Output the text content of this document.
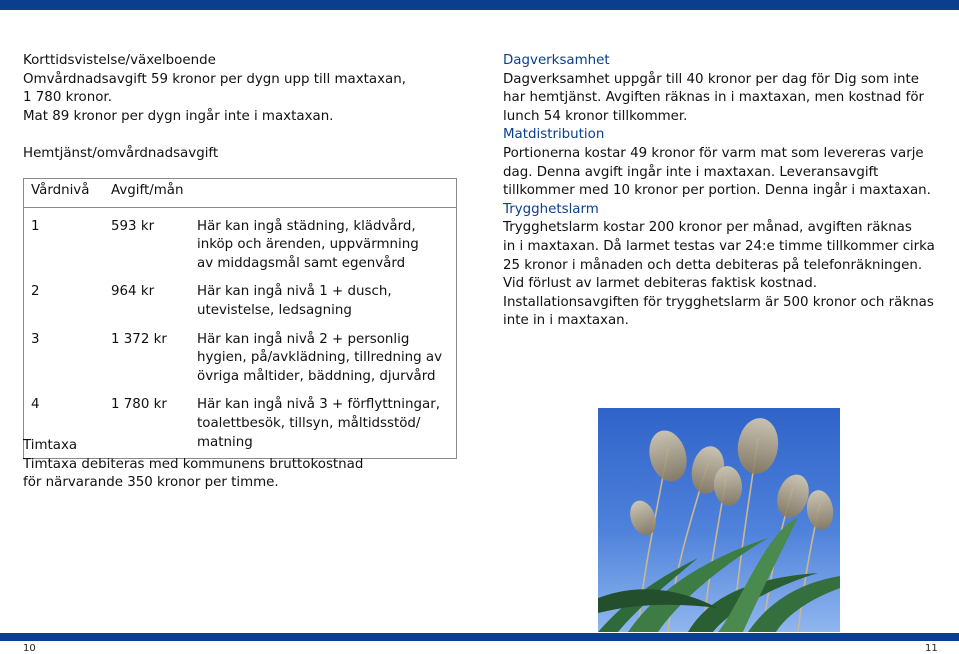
Korttidsvistelse/växelboende

Omvårdnadsavgift 59 kronor per dygn upp till maxtaxan,

1 780 kronor.

Mat 89 kronor per dygn ingår inte i maxtaxan.

Hemtjänst/omvårdnadsavgift

Vårdnivå	Avgift/mån	
1	593 kr	Här kan ingå städning, klädvård,
inköp och ärenden, uppvärmning
av middagsmål samt egenvård

2	964 kr	Här kan ingå nivå 1 + dusch,
utevistelse, ledsagning

3	1 372 kr	Här kan ingå nivå 2 + personlig
hygien, på/avklädning, tillredning av
övriga måltider, bäddning, djurvård

4	1 780 kr	Här kan ingå nivå 3 + förflyttningar,
toalettbesök, tillsyn, måltidsstöd/
matning

Timtaxa

Timtaxa debiteras med kommunens bruttokostnad

för närvarande 350 kronor per timme.

Dagverksamhet

Dagverksamhet uppgår till 40 kronor per dag för Dig som inte

har hemtjänst. Avgiften räknas in i maxtaxan, men kostnad för

lunch 54 kronor tillkommer.

Matdistribution

Portionerna kostar 49 kronor för varm mat som levereras varje

dag. Denna avgift ingår inte i maxtaxan. Leveransavgift

tillkommer med 10 kronor per portion. Denna ingår i maxtaxan.

Trygghetslarm

Trygghetslarm kostar 200 kronor per månad, avgiften räknas

in i maxtaxan. Då larmet testas var 24:e timme tillkommer cirka

25 kronor i månaden och detta debiteras på telefonräkningen.

Vid förlust av larmet debiteras faktisk kostnad.

Installationsavgiften för trygghetslarm är 500 kronor och räknas

inte in i maxtaxan.

10	11
